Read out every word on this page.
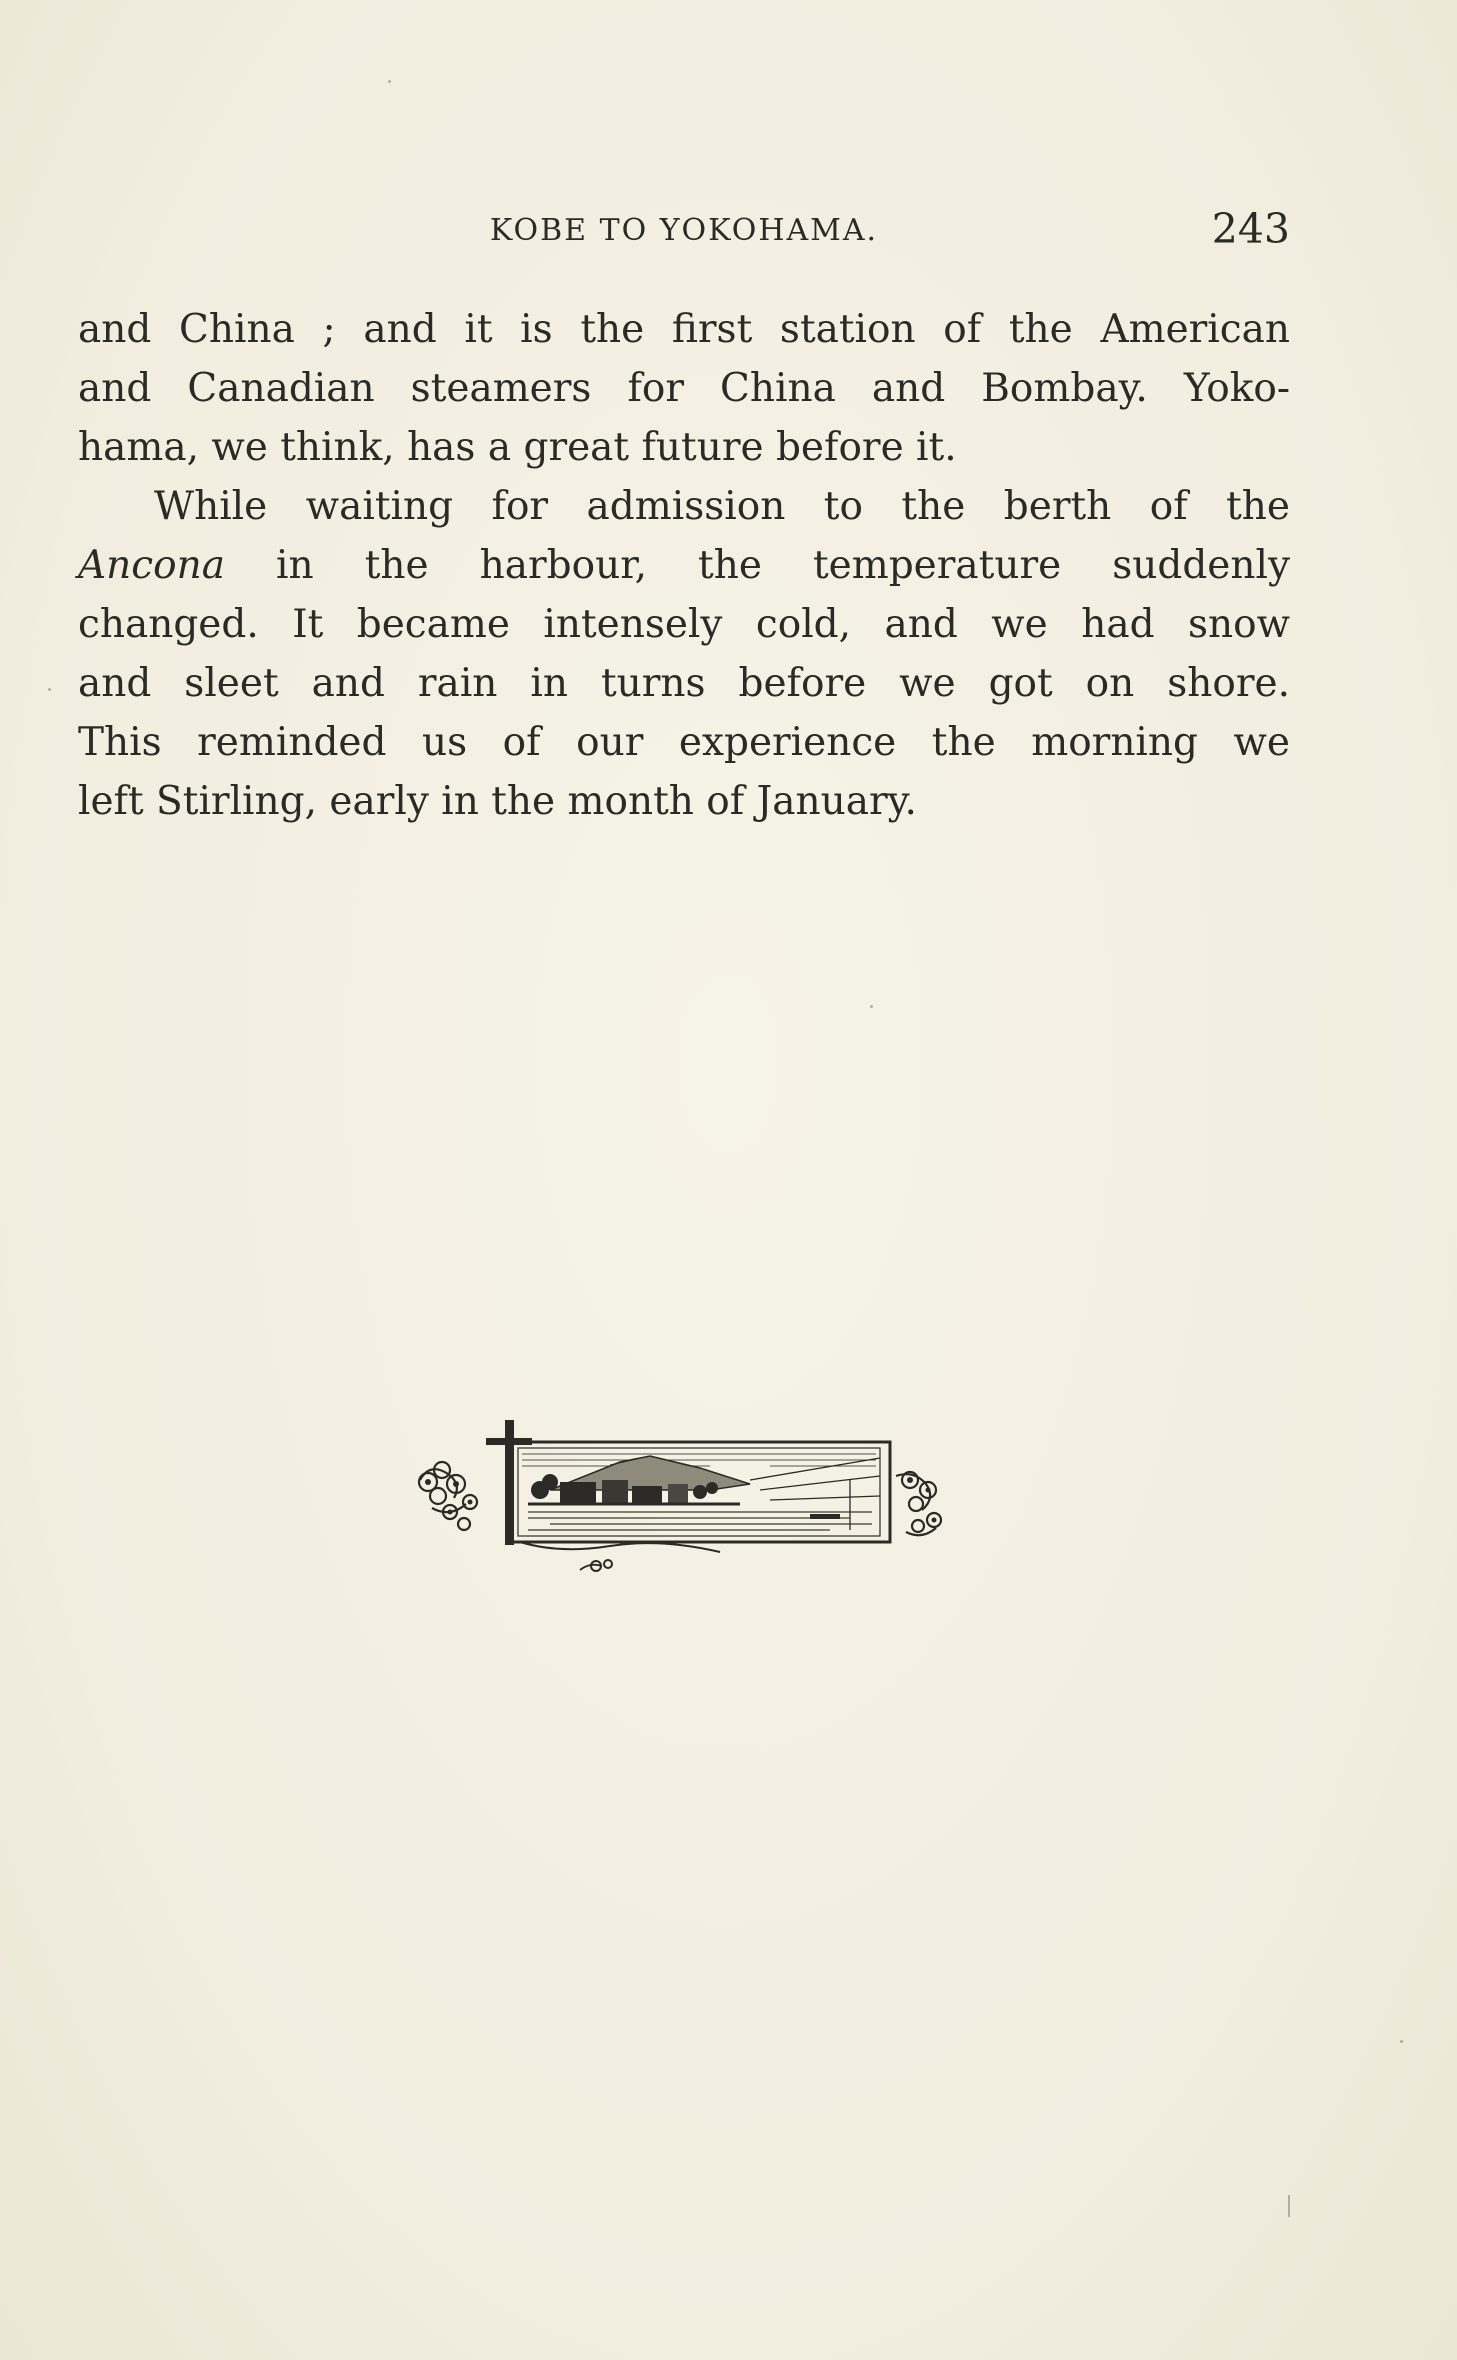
KOBE TO YOKOHAMA.	243
and China ; and it is the first station of the American
and Canadian steamers for China and Bombay. Yoko-
hama, we think, has a great future before it.
While waiting for admission to the berth of the
Ancona in the harbour, the temperature suddenly
changed. It became intensely cold, and we had snow
and sleet and rain in turns before we got on shore.
This reminded us of our experience the morning we
left Stirling, early in the month of January.
